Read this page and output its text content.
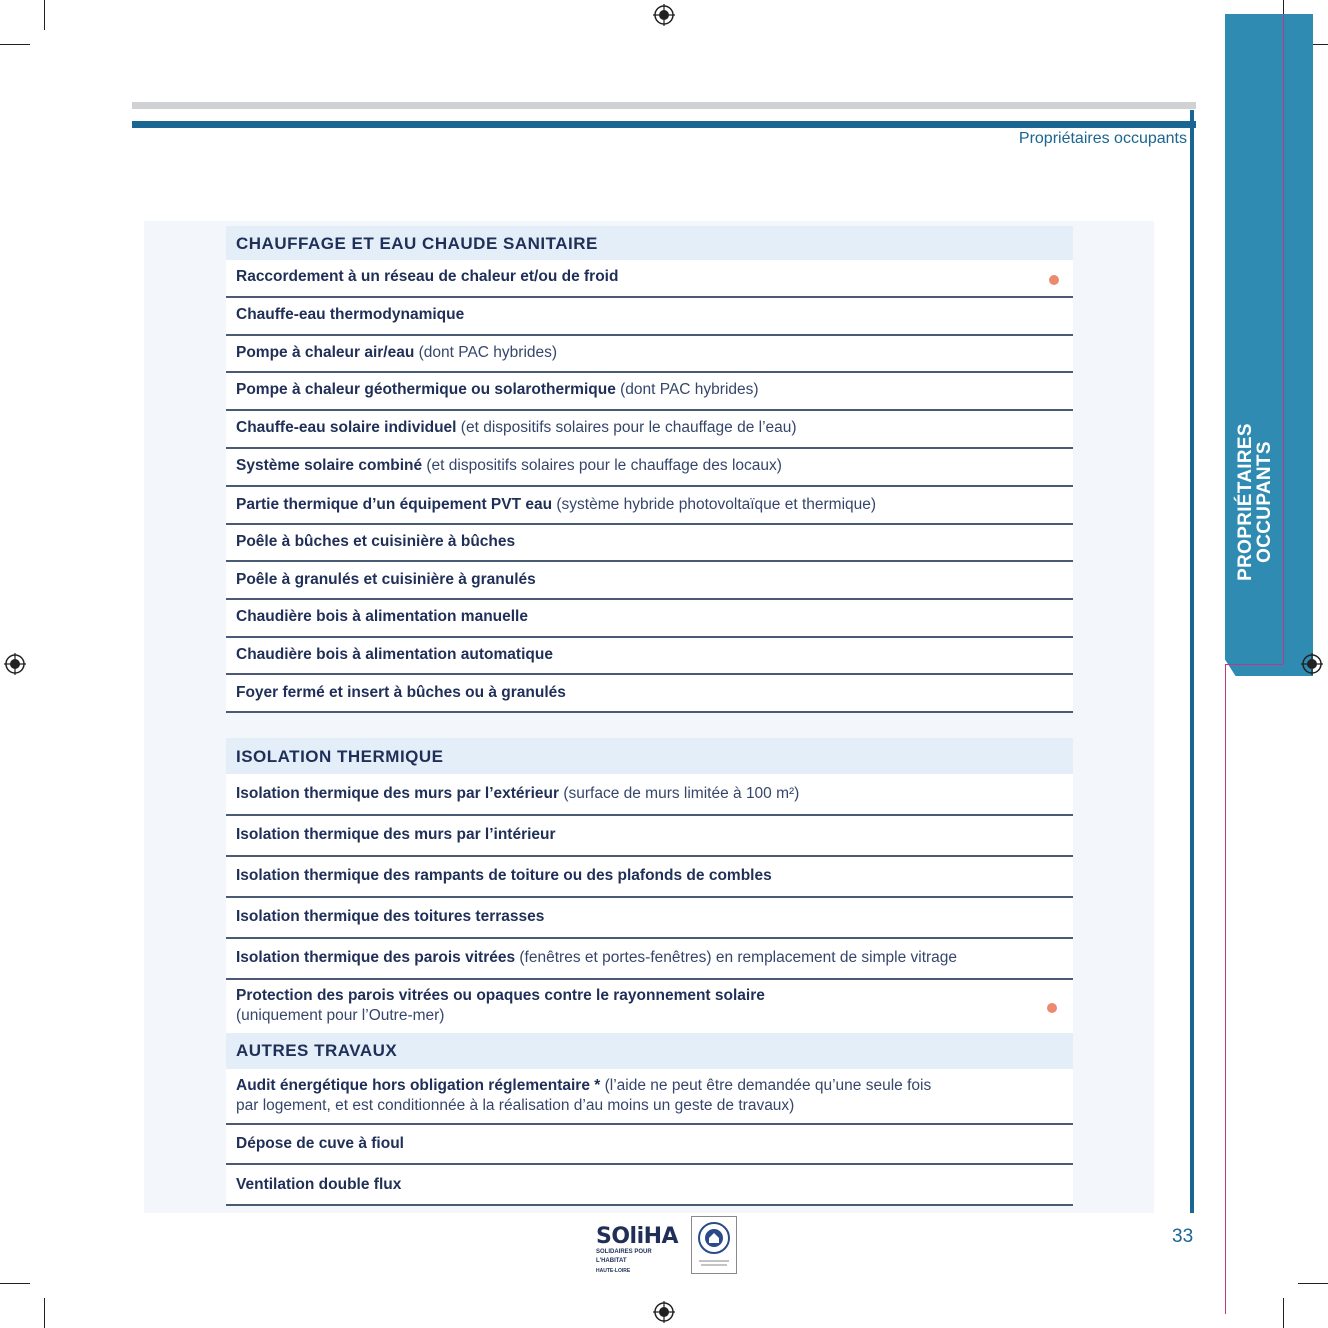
PROPRIÉTAIRES
OCCUPANTS
Propriétaires occupants
CHAUFFAGE ET EAU CHAUDE SANITAIRE
Raccordement à un réseau de chaleur et/ou de froid
Chauffe-eau thermodynamique
Pompe à chaleur air/eau (dont PAC hybrides)
Pompe à chaleur géothermique ou solarothermique (dont PAC hybrides)
Chauffe-eau solaire individuel (et dispositifs solaires pour le chauffage de l’eau)
Système solaire combiné (et dispositifs solaires pour le chauffage des locaux)
Partie thermique d’un équipement PVT eau (système hybride photovoltaïque et thermique)
Poêle à bûches et cuisinière à bûches
Poêle à granulés et cuisinière à granulés
Chaudière bois à alimentation manuelle
Chaudière bois à alimentation automatique
Foyer fermé et insert à bûches ou à granulés
ISOLATION THERMIQUE
Isolation thermique des murs par l’extérieur (surface de murs limitée à 100 m²)
Isolation thermique des murs par l’intérieur
Isolation thermique des rampants de toiture ou des plafonds de combles
Isolation thermique des toitures terrasses
Isolation thermique des parois vitrées (fenêtres et portes-fenêtres) en remplacement de simple vitrage
Protection des parois vitrées ou opaques contre le rayonnement solaire
(uniquement pour l’Outre-mer)
AUTRES TRAVAUX
Audit énergétique hors obligation réglementaire * (l’aide ne peut être demandée qu’une seule fois
par logement, et est conditionnée à la réalisation d’au moins un geste de travaux)
Dépose de cuve à fioul
Ventilation double flux
SOliHA
SOLIDAIRES POUR L'HABITAT
HAUTE-LOIRE
33
